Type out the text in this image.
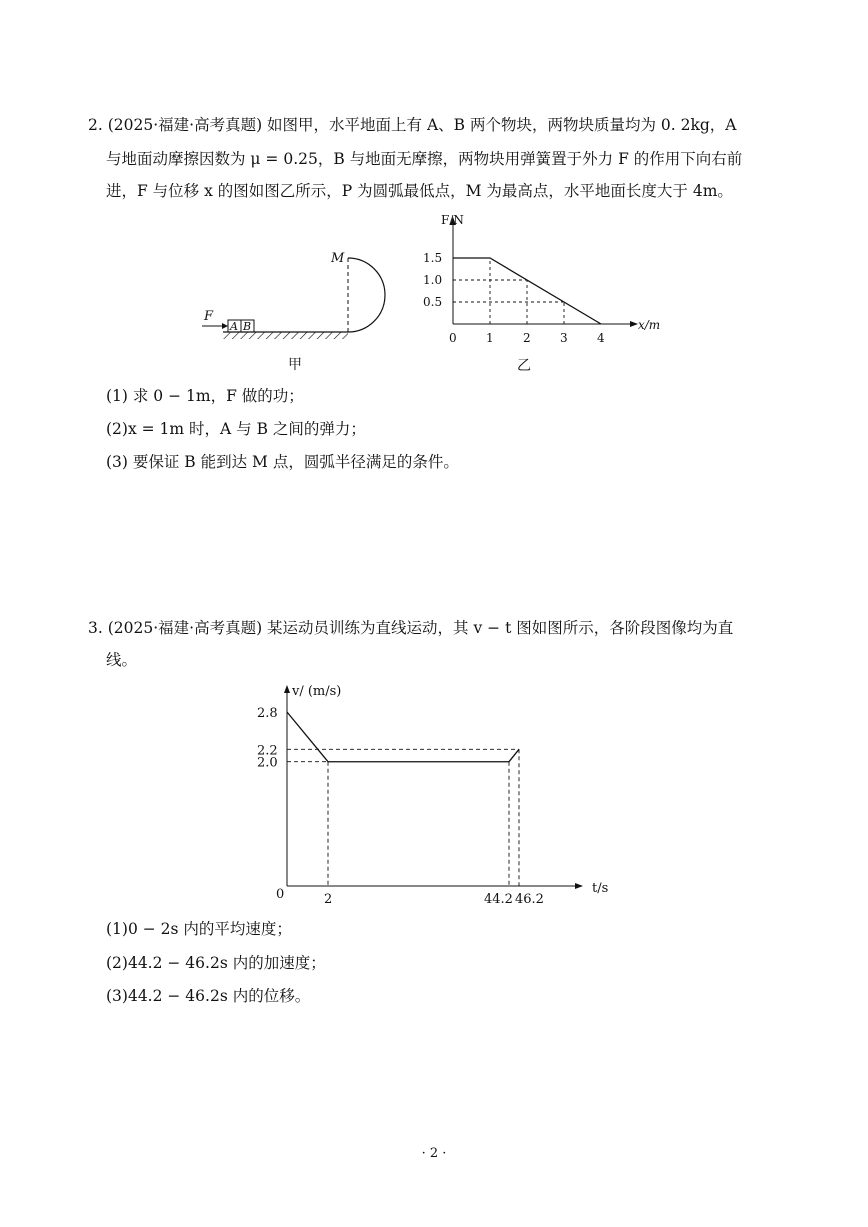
2. (2025·福建·高考真题) 如图甲，水平地面上有 A、B 两个物块，两物块质量均为 0. 2kg，A
与地面动摩擦因数为 μ = 0.25，B 与地面无摩擦，两物块用弹簧置于外力 F 的作用下向右前
进，F 与位移 x 的图如图乙所示，P 为圆弧最低点，M 为最高点，水平地面长度大于 4m。
A B
F
M
甲
0 1 2 3 4
0.5
1.0
1.5
F/N
x/m
乙
(1) 求 0 − 1m，F 做的功；
(2)x = 1m 时，A 与 B 之间的弹力；
(3) 要保证 B 能到达 M 点，圆弧半径满足的条件。
3. (2025·福建·高考真题) 某运动员训练为直线运动，其 v − t 图如图所示，各阶段图像均为直
线。
0	2	44.2 46.2
2.0
2.2
2.8
v/ (m/s)
t/s
(1)0 − 2s 内的平均速度；
(2)44.2 − 46.2s 内的加速度；
(3)44.2 − 46.2s 内的位移。
· 2 ·
